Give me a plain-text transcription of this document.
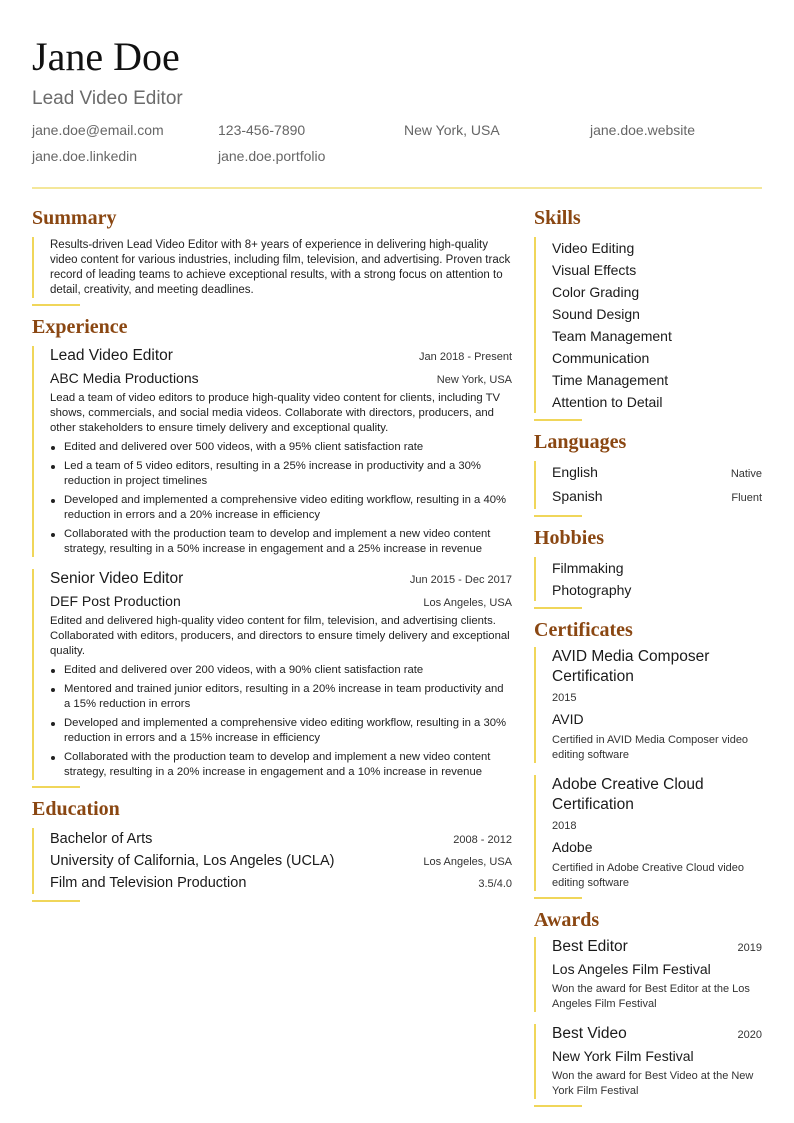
Jane Doe
Lead Video Editor
jane.doe@email.com	123-456-7890	New York, USA	jane.doe.website
jane.doe.linkedin	jane.doe.portfolio
Summary

Results-driven Lead Video Editor with 8+ years of experience in delivering high-quality video content for various industries, including film, television, and advertising. Proven track record of leading teams to achieve exceptional results, with a strong focus on attention to detail, creativity, and meeting deadlines.

Experience
Lead Video Editor	Jan 2018 - Present
ABC Media Productions	New York, USA

Lead a team of video editors to produce high-quality video content for clients, including TV shows, commercials, and social media videos. Collaborate with directors, producers, and other stakeholders to ensure timely delivery and exceptional quality.

Edited and delivered over 500 videos, with a 95% client satisfaction rate
Led a team of 5 video editors, resulting in a 25% increase in productivity and a 30% reduction in project timelines
Developed and implemented a comprehensive video editing workflow, resulting in a 40% reduction in errors and a 20% increase in efficiency
Collaborated with the production team to develop and implement a new video content strategy, resulting in a 50% increase in engagement and a 25% increase in revenue
Senior Video Editor	Jun 2015 - Dec 2017
DEF Post Production	Los Angeles, USA

Edited and delivered high-quality video content for film, television, and advertising clients. Collaborated with editors, producers, and directors to ensure timely delivery and exceptional quality.

Edited and delivered over 200 videos, with a 90% client satisfaction rate
Mentored and trained junior editors, resulting in a 20% increase in team productivity and a 15% reduction in errors
Developed and implemented a comprehensive video editing workflow, resulting in a 30% reduction in errors and a 15% increase in efficiency
Collaborated with the production team to develop and implement a new video content strategy, resulting in a 20% increase in engagement and a 10% increase in revenue
Education
Bachelor of Arts	2008 - 2012
University of California, Los Angeles (UCLA)	Los Angeles, USA
Film and Television Production	3.5/4.0
Skills
Video Editing
Visual Effects
Color Grading
Sound Design
Team Management
Communication
Time Management
Attention to Detail
Languages
English	Native
Spanish	Fluent
Hobbies
Filmmaking
Photography
Certificates
AVID Media Composer Certification
2015
AVID
Certified in AVID Media Composer video editing software
Adobe Creative Cloud Certification
2018
Adobe
Certified in Adobe Creative Cloud video editing software
Awards
Best Editor	2019
Los Angeles Film Festival
Won the award for Best Editor at the Los Angeles Film Festival
Best Video	2020
New York Film Festival
Won the award for Best Video at the New York Film Festival
